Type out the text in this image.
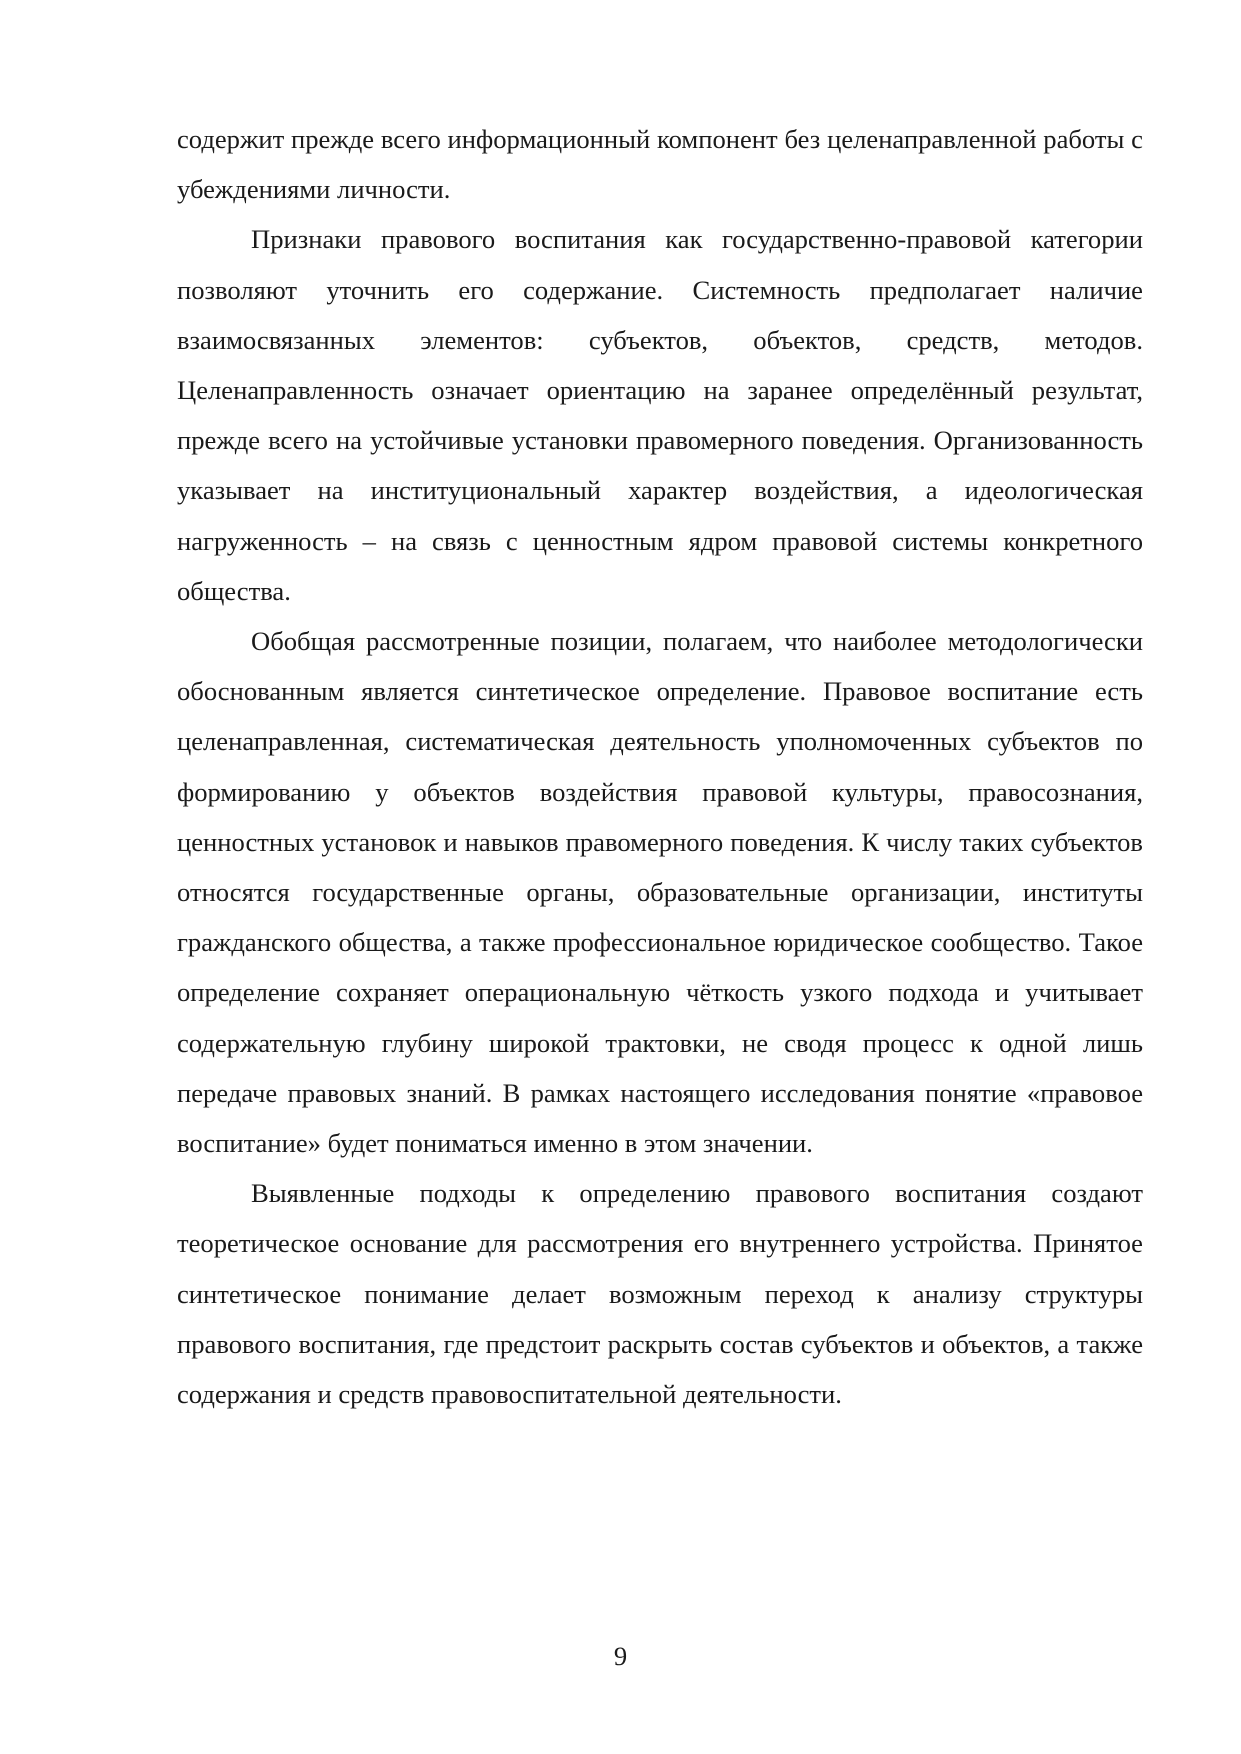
содержит прежде всего информационный компонент без целенаправленной работы с убеждениями личности.

Признаки правового воспитания как государственно-правовой категории позволяют уточнить его содержание. Системность предполагает наличие взаимосвязанных элементов: субъектов, объектов, средств, методов. Целенаправленность означает ориентацию на заранее определённый результат, прежде всего на устойчивые установки правомерного поведения. Организованность указывает на институциональный характер воздействия, а идеологическая нагруженность – на связь с ценностным ядром правовой системы конкретного общества.

Обобщая рассмотренные позиции, полагаем, что наиболее методологически обоснованным является синтетическое определение. Правовое воспитание есть целенаправленная, систематическая деятельность уполномоченных субъектов по формированию у объектов воздействия правовой культуры, правосознания, ценностных установок и навыков правомерного поведения. К числу таких субъектов относятся государственные органы, образовательные организации, институты гражданского общества, а также профессиональное юридическое сообщество. Такое определение сохраняет операциональную чёткость узкого подхода и учитывает содержательную глубину широкой трактовки, не сводя процесс к одной лишь передаче правовых знаний. В рамках настоящего исследования понятие «правовое воспитание» будет пониматься именно в этом значении.

Выявленные подходы к определению правового воспитания создают теоретическое основание для рассмотрения его внутреннего устройства. Принятое синтетическое понимание делает возможным переход к анализу структуры правового воспитания, где предстоит раскрыть состав субъектов и объектов, а также содержания и средств правовоспитательной деятельности.

9
